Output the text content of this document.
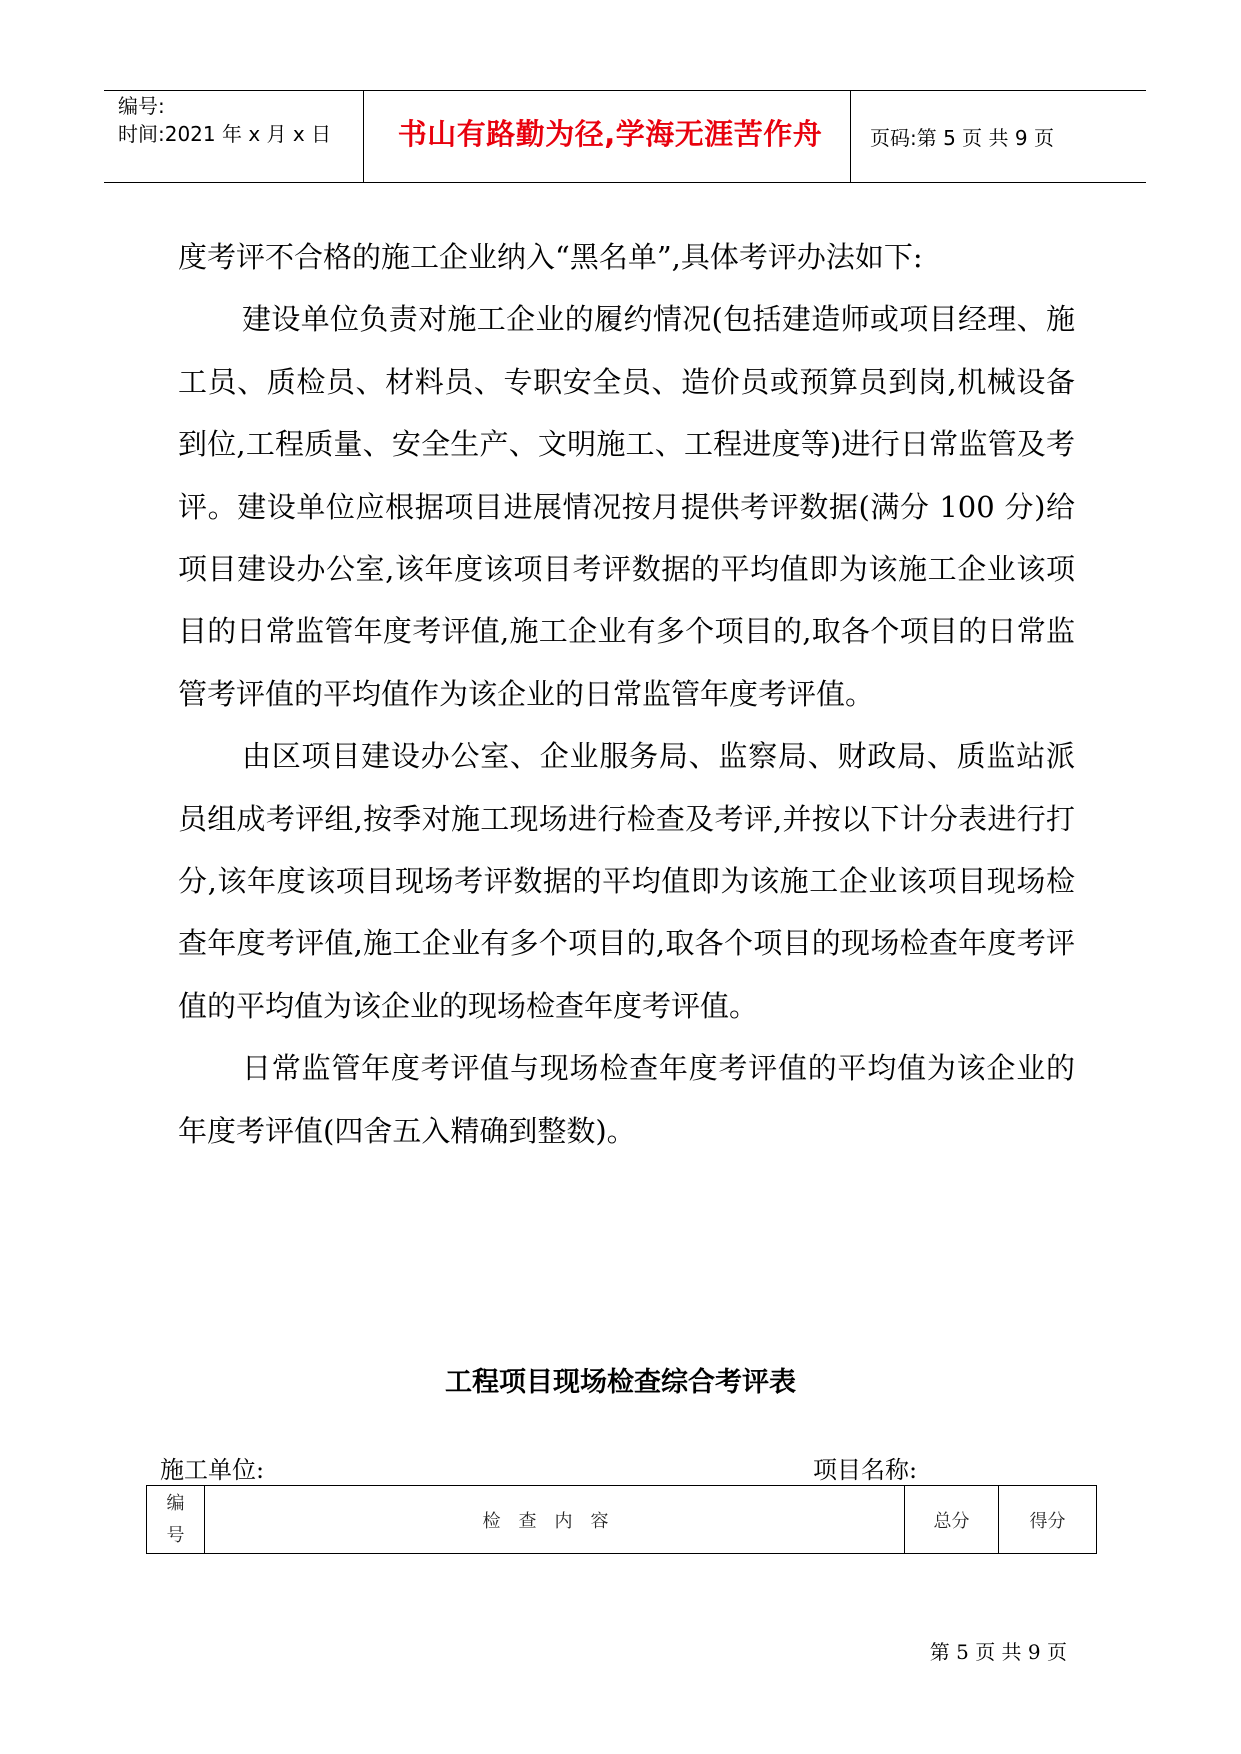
编号:
时间:2021 年 x 月 x 日	书山有路勤为径,学海无涯苦作舟	页码:第 5 页 共 9 页

度考评不合格的施工企业纳入“黑名单”,具体考评办法如下:

建设单位负责对施工企业的履约情况(包括建造师或项目经理、施工员、质检员、材料员、专职安全员、造价员或预算员到岗,机械设备到位,工程质量、安全生产、文明施工、工程进度等)进行日常监管及考评。建设单位应根据项目进展情况按月提供考评数据(满分 100 分)给项目建设办公室,该年度该项目考评数据的平均值即为该施工企业该项目的日常监管年度考评值,施工企业有多个项目的,取各个项目的日常监管考评值的平均值作为该企业的日常监管年度考评值。

由区项目建设办公室、企业服务局、监察局、财政局、质监站派员组成考评组,按季对施工现场进行检查及考评,并按以下计分表进行打分,该年度该项目现场考评数据的平均值即为该施工企业该项目现场检查年度考评值,施工企业有多个项目的,取各个项目的现场检查年度考评值的平均值为该企业的现场检查年度考评值。

日常监管年度考评值与现场检查年度考评值的平均值为该企业的年度考评值(四舍五入精确到整数)。

工程项目现场检查综合考评表
施工单位:	项目名称:
编
号
检查内容	总分	得分
第 5 页 共 9 页
